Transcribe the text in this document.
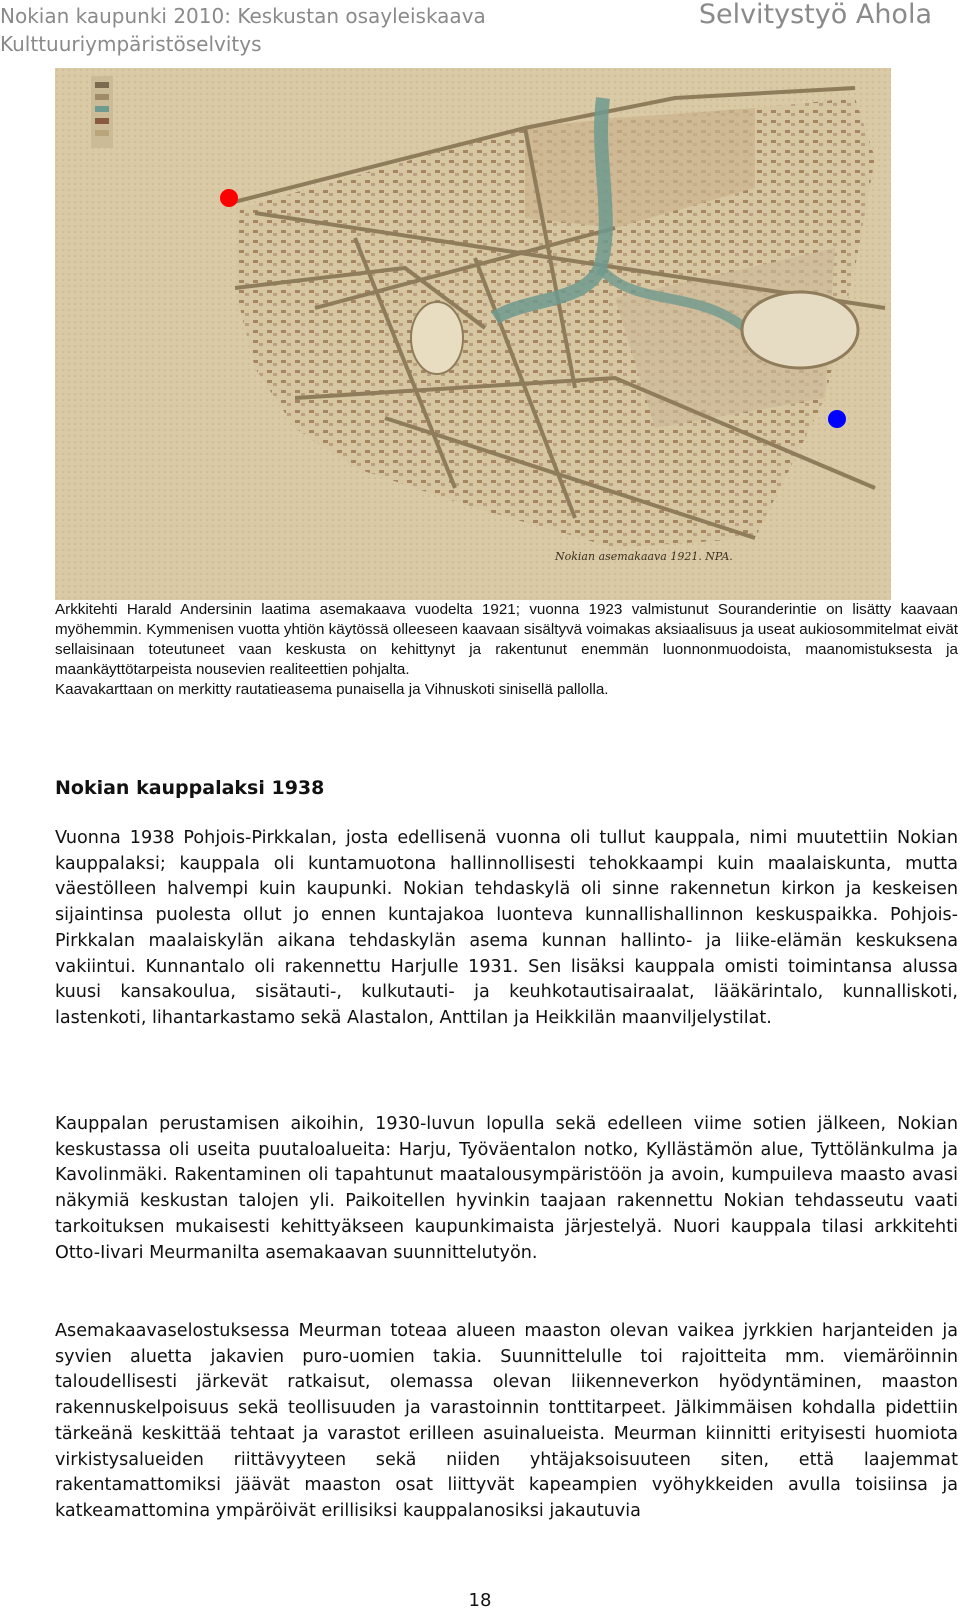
Nokian kaupunki 2010: Keskustan osayleiskaava
Kulttuuriympäristöselvitys
Selvitystyö Ahola
Nokian asemakaava 1921. NPA.

Arkkitehti Harald Andersinin laatima asemakaava vuodelta 1921; vuonna 1923 valmistunut Souranderintie on lisätty kaavaan myöhemmin. Kymmenisen vuotta yhtiön käytössä olleeseen kaavaan sisältyvä voimakas aksiaalisuus ja useat aukiosommitelmat eivät sellaisinaan toteutuneet vaan keskusta on kehittynyt ja rakentunut enemmän luonnonmuodoista, maanomistuksesta ja maankäyttötarpeista nousevien realiteettien pohjalta.

Kaavakarttaan on merkitty rautatieasema punaisella ja Vihnuskoti sinisellä pallolla.

Nokian kauppalaksi 1938

Vuonna 1938 Pohjois-Pirkkalan, josta edellisenä vuonna oli tullut kauppala, nimi muutettiin Nokian kauppalaksi; kauppala oli kuntamuotona hallinnollisesti tehokkaampi kuin maalaiskunta, mutta väestölleen halvempi kuin kaupunki. Nokian tehdaskylä oli sinne rakennetun kirkon ja keskeisen sijaintinsa puolesta ollut jo ennen kuntajakoa luonteva kunnallishallinnon keskuspaikka. Pohjois-Pirkkalan maalaiskylän aikana tehdaskylän asema kunnan hallinto- ja liike-elämän keskuksena vakiintui. Kunnantalo oli rakennettu Harjulle 1931. Sen lisäksi kauppala omisti toimintansa alussa kuusi kansakoulua, sisätauti-, kulkutauti- ja keuhkotautisairaalat, lääkärintalo, kunnalliskoti, lastenkoti, lihantarkastamo sekä Alastalon, Anttilan ja Heikkilän maanviljelystilat.

Kauppalan perustamisen aikoihin, 1930-luvun lopulla sekä edelleen viime sotien jälkeen, Nokian keskustassa oli useita puutaloalueita: Harju, Työväentalon notko, Kyllästämön alue, Tyttölänkulma ja Kavolinmäki. Rakentaminen oli tapahtunut maatalousympäristöön ja avoin, kumpuileva maasto avasi näkymiä keskustan talojen yli. Paikoitellen hyvinkin taajaan rakennettu Nokian tehdasseutu vaati tarkoituksen mukaisesti kehittyäkseen kaupunkimaista järjestelyä. Nuori kauppala tilasi arkkitehti Otto-Iivari Meurmanilta asemakaavan suunnittelutyön.

Asemakaavaselostuksessa Meurman toteaa alueen maaston olevan vaikea jyrkkien harjanteiden ja syvien aluetta jakavien puro-uomien takia. Suunnittelulle toi rajoitteita mm. viemäröinnin taloudellisesti järkevät ratkaisut, olemassa olevan liikenneverkon hyödyntäminen, maaston rakennuskelpoisuus sekä teollisuuden ja varastoinnin tonttitarpeet. Jälkimmäisen kohdalla pidettiin tärkeänä keskittää tehtaat ja varastot erilleen asuinalueista. Meurman kiinnitti erityisesti huomiota virkistysalueiden riittävyyteen sekä niiden yhtäjaksoisuuteen siten, että laajemmat rakentamattomiksi jäävät maaston osat liittyvät kapeampien vyöhykkeiden avulla toisiinsa ja katkeamattomina ympäröivät erillisiksi kauppalanosiksi jakautuvia

18
